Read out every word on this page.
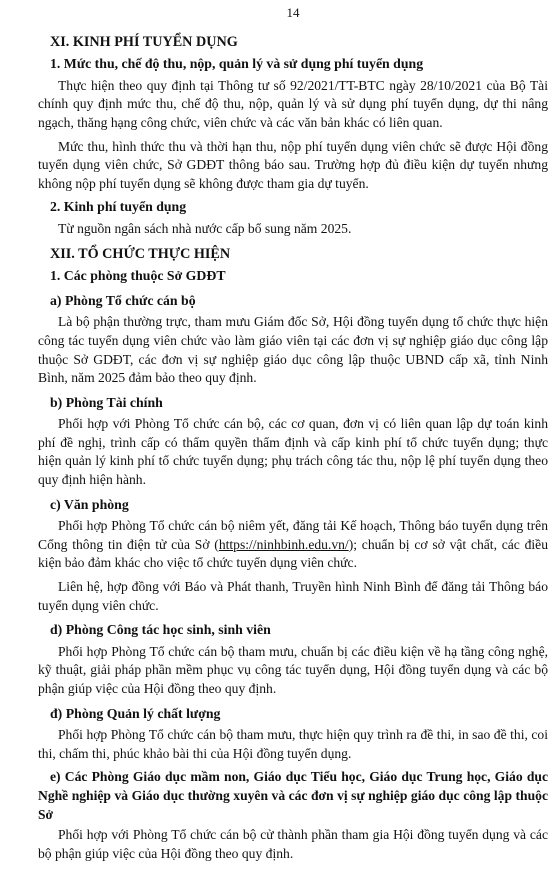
14
XI. KINH PHÍ TUYỂN DỤNG
1. Mức thu, chế độ thu, nộp, quản lý và sử dụng phí tuyển dụng

Thực hiện theo quy định tại Thông tư số 92/2021/TT-BTC ngày 28/10/2021 của Bộ Tài chính quy định mức thu, chế độ thu, nộp, quản lý và sử dụng phí tuyển dụng, dự thi nâng ngạch, thăng hạng công chức, viên chức và các văn bản khác có liên quan.

Mức thu, hình thức thu và thời hạn thu, nộp phí tuyển dụng viên chức sẽ được Hội đồng tuyển dụng viên chức, Sở GDĐT thông báo sau. Trường hợp đủ điều kiện dự tuyển nhưng không nộp phí tuyển dụng sẽ không được tham gia dự tuyển.

2. Kinh phí tuyển dụng

Từ nguồn ngân sách nhà nước cấp bổ sung năm 2025.

XII. TỔ CHỨC THỰC HIỆN
1. Các phòng thuộc Sở GDĐT
a) Phòng Tổ chức cán bộ

Là bộ phận thường trực, tham mưu Giám đốc Sở, Hội đồng tuyển dụng tổ chức thực hiện công tác tuyển dụng viên chức vào làm giáo viên tại các đơn vị sự nghiệp giáo dục công lập thuộc Sở GDĐT, các đơn vị sự nghiệp giáo dục công lập thuộc UBND cấp xã, tỉnh Ninh Bình, năm 2025 đảm bảo theo quy định.

b) Phòng Tài chính

Phối hợp với Phòng Tổ chức cán bộ, các cơ quan, đơn vị có liên quan lập dự toán kinh phí đề nghị, trình cấp có thẩm quyền thẩm định và cấp kinh phí tổ chức tuyển dụng; thực hiện quản lý kinh phí tổ chức tuyển dụng; phụ trách công tác thu, nộp lệ phí tuyển dụng theo quy định hiện hành.

c) Văn phòng

Phối hợp Phòng Tổ chức cán bộ niêm yết, đăng tải Kế hoạch, Thông báo tuyển dụng trên Cổng thông tin điện tử của Sở (https://ninhbinh.edu.vn/); chuẩn bị cơ sở vật chất, các điều kiện bảo đảm khác cho việc tổ chức tuyển dụng viên chức.

Liên hệ, hợp đồng với Báo và Phát thanh, Truyền hình Ninh Bình để đăng tải Thông báo tuyển dụng viên chức.

d) Phòng Công tác học sinh, sinh viên

Phối hợp Phòng Tổ chức cán bộ tham mưu, chuẩn bị các điều kiện về hạ tầng công nghệ, kỹ thuật, giải pháp phần mềm phục vụ công tác tuyển dụng, Hội đồng tuyển dụng và các bộ phận giúp việc của Hội đồng theo quy định.

đ) Phòng Quản lý chất lượng

Phối hợp Phòng Tổ chức cán bộ tham mưu, thực hiện quy trình ra đề thi, in sao đề thi, coi thi, chấm thi, phúc khảo bài thi của Hội đồng tuyển dụng.

e) Các Phòng Giáo dục mầm non, Giáo dục Tiểu học, Giáo dục Trung học, Giáo dục Nghề nghiệp và Giáo dục thường xuyên và các đơn vị sự nghiệp giáo dục công lập thuộc Sở

Phối hợp với Phòng Tổ chức cán bộ cử thành phần tham gia Hội đồng tuyển dụng và các bộ phận giúp việc của Hội đồng theo quy định.
